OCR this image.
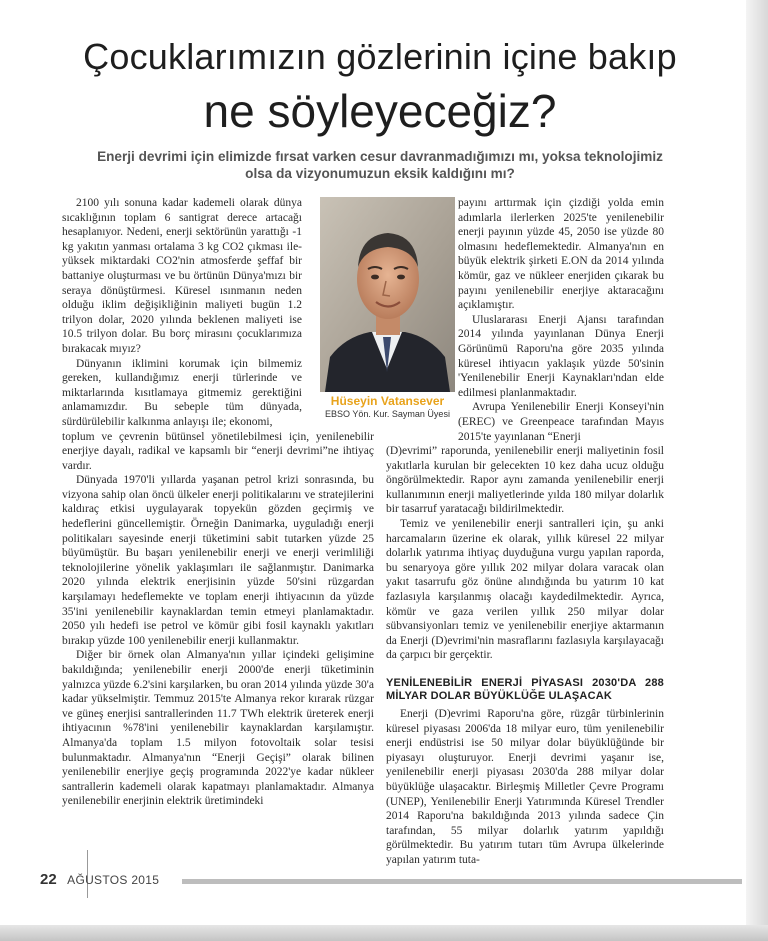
Çocuklarımızın gözlerinin içine bakıp
ne söyleyeceğiz?

Enerji devrimi için elimizde fırsat varken cesur davranmadığımızı mı, yoksa teknolojimiz olsa da vizyonumuzun eksik kaldığını mı?

Hüseyin Vatansever
EBSO Yön. Kur. Sayman Üyesi

2100 yılı sonuna kadar kademeli olarak dünya sıcaklığının toplam 6 santigrat derece artacağı hesaplanıyor. Nedeni, enerji sektörünün yarattığı -1 kg yakıtın yanması ortalama 3 kg CO2 çıkması ile- yüksek miktardaki CO2'nin atmosferde şeffaf bir battaniye oluşturması ve bu örtünün Dünya'mızı bir seraya dönüştürmesi. Küresel ısınmanın neden olduğu iklim değişikliğinin maliyeti bugün 1.2 trilyon dolar, 2020 yılında beklenen maliyeti ise 10.5 trilyon dolar. Bu borç mirasını çocuklarımıza bırakacak mıyız?

Dünyanın iklimini korumak için bilmemiz gereken, kullandığımız enerji türlerinde ve miktarlarında kısıtlamaya gitmemiz gerektiğini anlamamızdır. Bu sebeple tüm dünyada, sürdürülebilir kalkınma anlayışı ile; ekonomi,

toplum ve çevrenin bütünsel yönetilebilmesi için, yenilenebilir enerjiye dayalı, radikal ve kapsamlı bir “enerji devrimi”ne ihtiyaç vardır.

Dünyada 1970'li yıllarda yaşanan petrol krizi sonrasında, bu vizyona sahip olan öncü ülkeler enerji politikalarını ve stratejilerini kaldıraç etkisi uygulayarak topyekün gözden geçirmiş ve hedeflerini güncellemiştir. Örneğin Danimarka, uyguladığı enerji politikaları sayesinde enerji tüketimini sabit tutarken yüzde 25 büyümüştür. Bu başarı yenilenebilir enerji ve enerji verimliliği teknolojilerine yönelik yaklaşımları ile sağlanmıştır. Danimarka 2020 yılında elektrik enerjisinin yüzde 50'sini rüzgardan karşılamayı hedeflemekte ve toplam enerji ihtiyacının da yüzde 35'ini yenilenebilir kaynaklardan temin etmeyi planlamaktadır. 2050 yılı hedefi ise petrol ve kömür gibi fosil kaynaklı yakıtları bırakıp yüzde 100 yenilenebilir enerji kullanmaktır.

Diğer bir örnek olan Almanya'nın yıllar içindeki gelişimine bakıldığında; yenilenebilir enerji 2000'de enerji tüketiminin yalnızca yüzde 6.2'sini karşılarken, bu oran 2014 yılında yüzde 30'a kadar yükselmiştir. Temmuz 2015'te Almanya rekor kırarak rüzgar ve güneş enerjisi santrallerinden 11.7 TWh elektrik üreterek enerji ihtiyacının %78'ini yenilenebilir kaynaklardan karşılamıştır. Almanya'da toplam 1.5 milyon fotovoltaik solar tesisi bulunmaktadır. Almanya'nın “Enerji Geçişi” olarak bilinen yenilenebilir enerjiye geçiş programında 2022'ye kadar nükleer santrallerin kademeli olarak kapatmayı planlamaktadır. Almanya yenilenebilir enerjinin elektrik üretimindeki

payını arttırmak için çizdiği yolda emin adımlarla ilerlerken 2025'te yenilenebilir enerji payının yüzde 45, 2050 ise yüzde 80 olmasını hedeflemektedir. Almanya'nın en büyük elektrik şirketi E.ON da 2014 yılında kömür, gaz ve nükleer enerjiden çıkarak bu payını yenilenebilir enerjiye aktaracağını açıklamıştır.

Uluslararası Enerji Ajansı tarafından 2014 yılında yayınlanan Dünya Enerji Görünümü Raporu'na göre 2035 yılında küresel ihtiyacın yaklaşık yüzde 50'sinin 'Yenilenebilir Enerji Kaynakları'ndan elde edilmesi planlanmaktadır.

Avrupa Yenilenebilir Enerji Konseyi'nin (EREC) ve Greenpeace tarafından Mayıs 2015'te yayınlanan “Enerji

(D)evrimi” raporunda, yenilenebilir enerji maliyetinin fosil yakıtlarla kurulan bir gelecekten 10 kez daha ucuz olduğu öngörülmektedir. Rapor aynı zamanda yenilenebilir enerji kullanımının enerji maliyetlerinde yılda 180 milyar dolarlık bir tasarruf yaratacağı bildirilmektedir.

Temiz ve yenilenebilir enerji santralleri için, şu anki harcamaların üzerine ek olarak, yıllık küresel 22 milyar dolarlık yatırıma ihtiyaç duyduğuna vurgu yapılan raporda, bu senaryoya göre yıllık 202 milyar dolara varacak olan yakıt tasarrufu göz önüne alındığında bu yatırım 10 kat fazlasıyla karşılanmış olacağı kaydedilmektedir. Ayrıca, kömür ve gaza verilen yıllık 250 milyar dolar sübvansiyonları temiz ve yenilenebilir enerjiye aktarmanın da Enerji (D)evrimi'nin masraflarını fazlasıyla karşılayacağı da çarpıcı bir gerçektir.

YENİLENEBİLİR ENERJİ PİYASASI 2030'DA 288 MİLYAR DOLAR BÜYÜKLÜĞE ULAŞACAK

Enerji (D)evrimi Raporu'na göre, rüzgâr türbinlerinin küresel piyasası 2006'da 18 milyar euro, tüm yenilenebilir enerji endüstrisi ise 50 milyar dolar büyüklüğünde bir piyasayı oluşturuyor. Enerji devrimi yaşanır ise, yenilenebilir enerji piyasası 2030'da 288 milyar dolar büyüklüğe ulaşacaktır. Birleşmiş Milletler Çevre Programı (UNEP), Yenilenebilir Enerji Yatırımında Küresel Trendler 2014 Raporu'na bakıldığında 2013 yılında sadece Çin tarafından, 55 milyar dolarlık yatırım yapıldığı görülmektedir. Bu yatırım tutarı tüm Avrupa ülkelerinde yapılan yatırım tuta-

22 AĞUSTOS 2015
